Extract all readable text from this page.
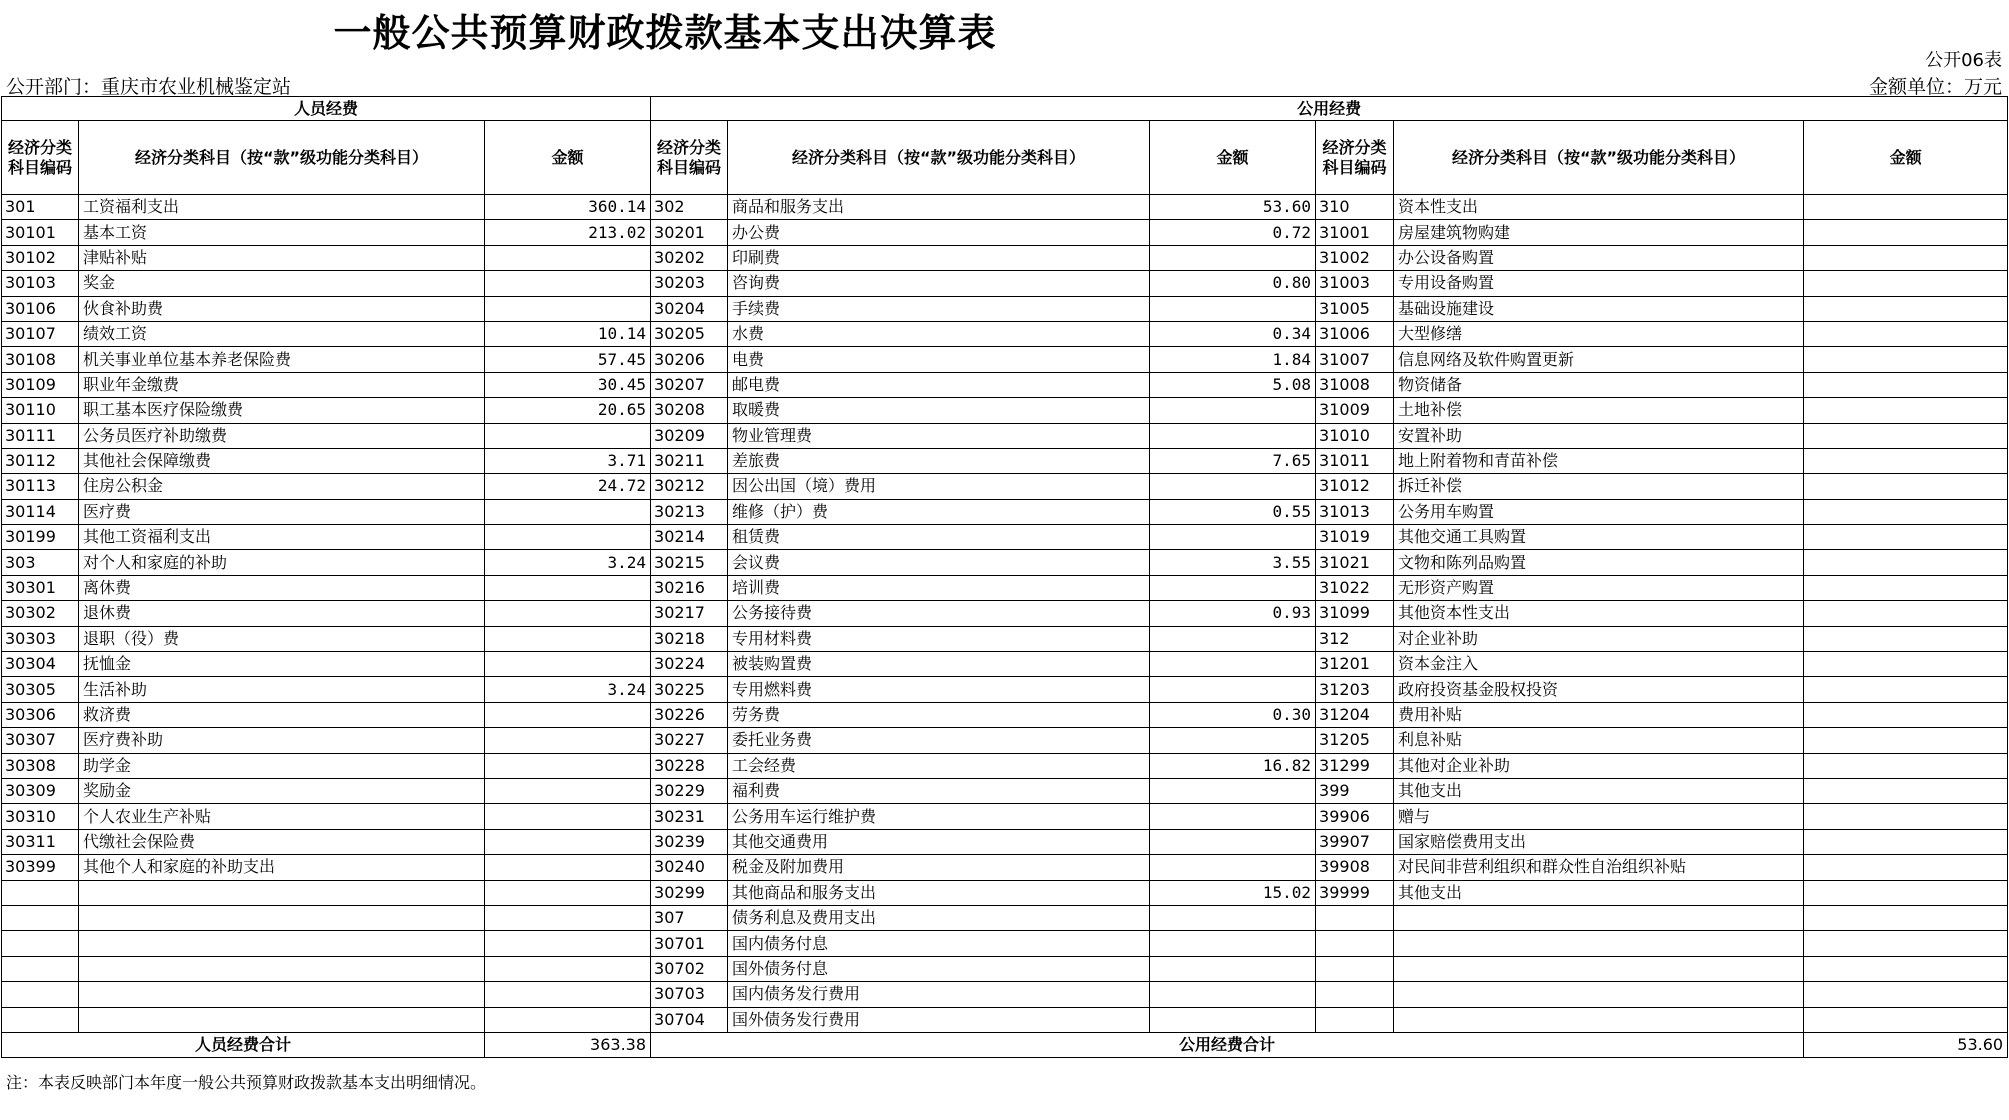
一般公共预算财政拨款基本支出决算表
公开06表
公开部门：重庆市农业机械鉴定站	金额单位：万元
人员经费			公用经费					
经济分类科目编码	经济分类科目（按“款”级功能分类科目）	金额	经济分类科目编码	经济分类科目（按“款”级功能分类科目）	金额	经济分类科目编码	经济分类科目（按“款”级功能分类科目）	金额
301	工资福利支出	360.14	302	商品和服务支出	53.60	310	资本性支出	
30101	基本工资	213.02	30201	办公费	0.72	31001	房屋建筑物购建	
30102	津贴补贴		30202	印刷费		31002	办公设备购置	
30103	奖金		30203	咨询费	0.80	31003	专用设备购置	
30106	伙食补助费		30204	手续费		31005	基础设施建设	
30107	绩效工资	10.14	30205	水费	0.34	31006	大型修缮	
30108	机关事业单位基本养老保险费	57.45	30206	电费	1.84	31007	信息网络及软件购置更新	
30109	职业年金缴费	30.45	30207	邮电费	5.08	31008	物资储备	
30110	职工基本医疗保险缴费	20.65	30208	取暖费		31009	土地补偿	
30111	公务员医疗补助缴费		30209	物业管理费		31010	安置补助	
30112	其他社会保障缴费	3.71	30211	差旅费	7.65	31011	地上附着物和青苗补偿	
30113	住房公积金	24.72	30212	因公出国（境）费用		31012	拆迁补偿	
30114	医疗费		30213	维修（护）费	0.55	31013	公务用车购置	
30199	其他工资福利支出		30214	租赁费		31019	其他交通工具购置	
303	对个人和家庭的补助	3.24	30215	会议费	3.55	31021	文物和陈列品购置	
30301	离休费		30216	培训费		31022	无形资产购置	
30302	退休费		30217	公务接待费	0.93	31099	其他资本性支出	
30303	退职（役）费		30218	专用材料费		312	对企业补助	
30304	抚恤金		30224	被装购置费		31201	资本金注入	
30305	生活补助	3.24	30225	专用燃料费		31203	政府投资基金股权投资	
30306	救济费		30226	劳务费	0.30	31204	费用补贴	
30307	医疗费补助		30227	委托业务费		31205	利息补贴	
30308	助学金		30228	工会经费	16.82	31299	其他对企业补助	
30309	奖励金		30229	福利费		399	其他支出	
30310	个人农业生产补贴		30231	公务用车运行维护费		39906	赠与	
30311	代缴社会保险费		30239	其他交通费用		39907	国家赔偿费用支出	
30399	其他个人和家庭的补助支出		30240	税金及附加费用		39908	对民间非营利组织和群众性自治组织补贴	
			30299	其他商品和服务支出	15.02	39999	其他支出	
			307	债务利息及费用支出				
			30701	国内债务付息				
			30702	国外债务付息				
			30703	国内债务发行费用				
			30704	国外债务发行费用				
人员经费合计		363.38	公用经费合计					53.60
注：本表反映部门本年度一般公共预算财政拨款基本支出明细情况。
